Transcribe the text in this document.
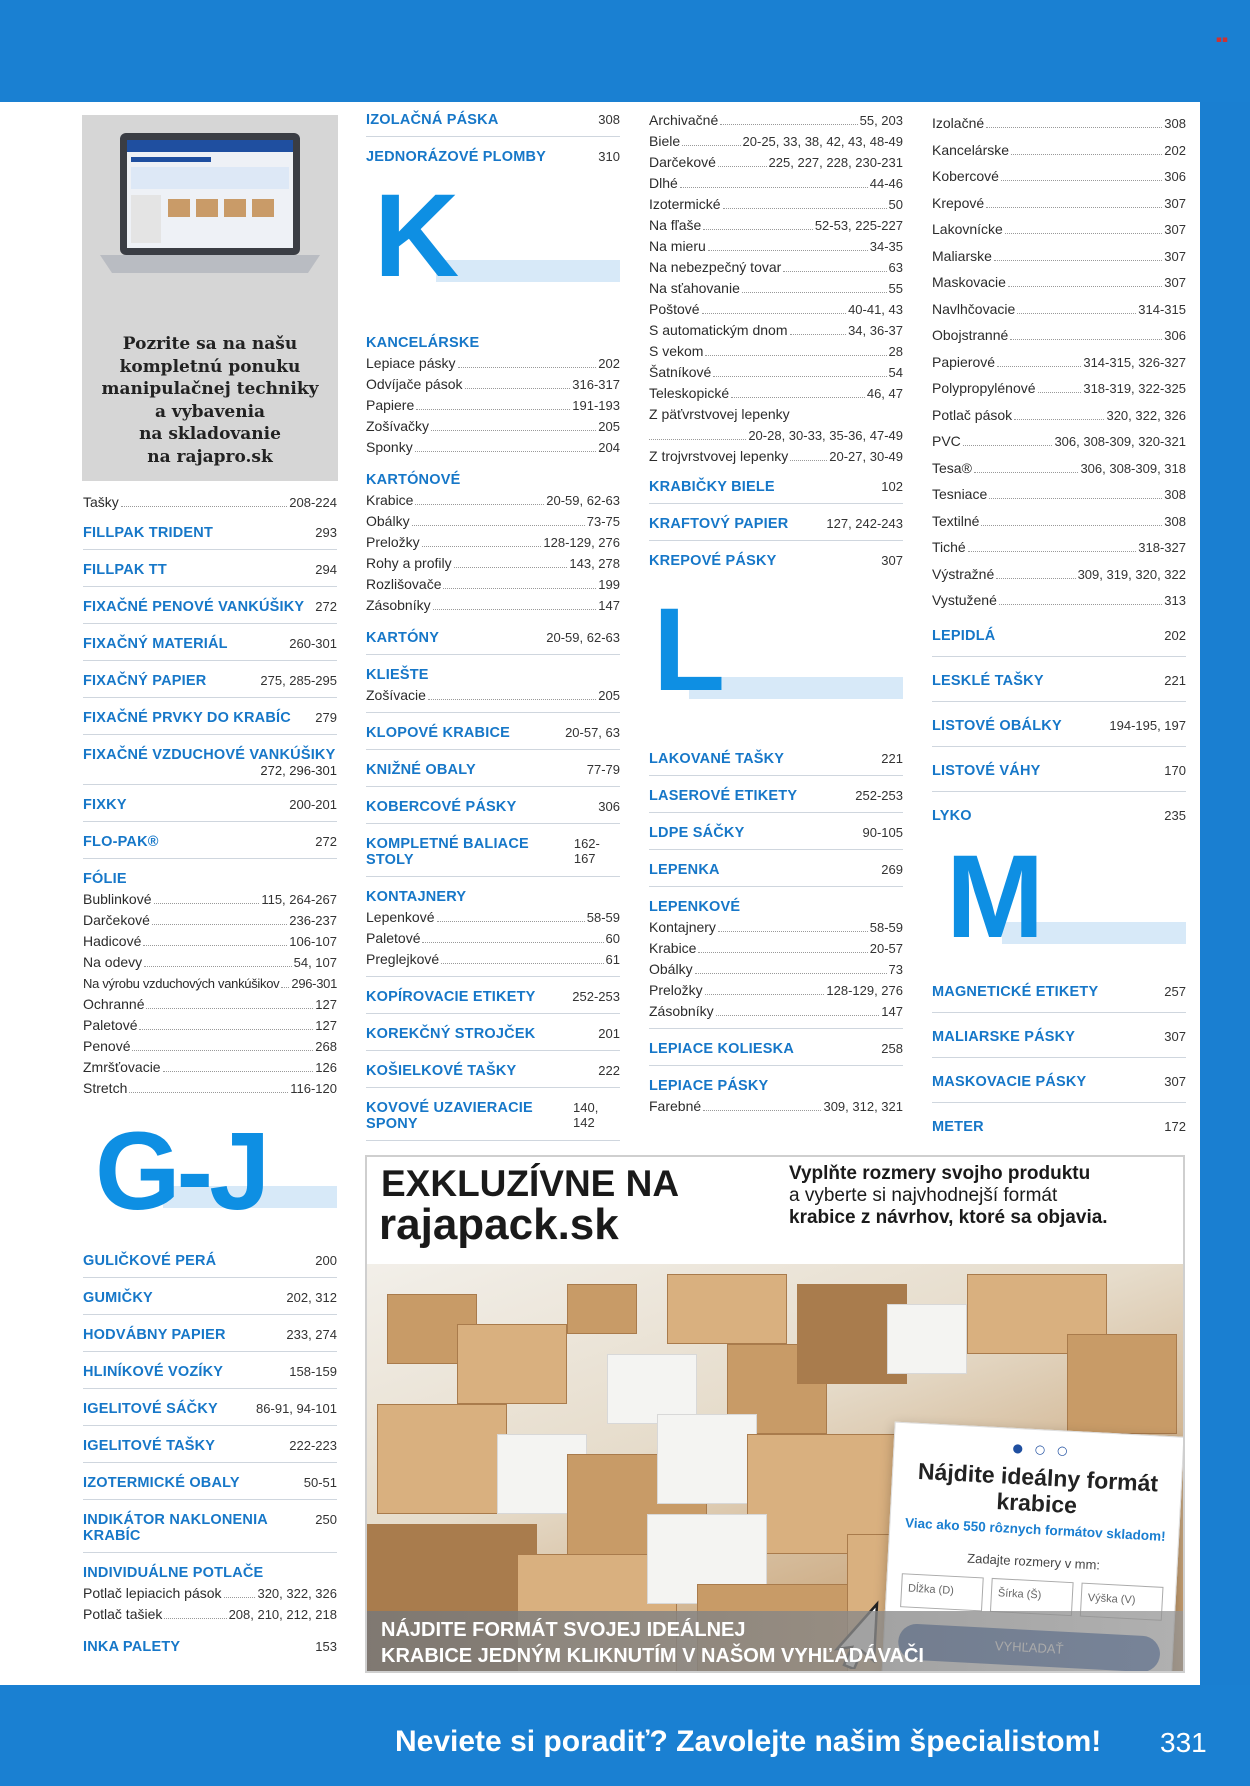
▪▪
Pozrite sa na našu
kompletnú ponuku
manipulačnej techniky
a vybavenia
na skladovanie
na rajapro.sk
Tašky	208-224
FILLPAK TRIDENT	293
FILLPAK TT	294
FIXAČNÉ PENOVÉ VANKÚŠIKY 272
FIXAČNÝ MATERIÁL	260-301
FIXAČNÝ PAPIER	275, 285-295
FIXAČNÉ PRVKY DO KRABÍC 279
FIXAČNÉ VZDUCHOVÉ VANKÚŠIKY
272, 296-301
FIXKY	200-201
FLO-PAK®	272
FÓLIE
Bublinkové	115, 264-267
Darčekové	236-237
Hadicové	106-107
Na odevy	54, 107
Na výrobu vzduchových vankúšikov 296-301
Ochranné	127
Paletové	127
Penové	268
Zmršťovacie	126
Stretch	116-120
G-J
GULIČKOVÉ PERÁ	200
GUMIČKY	202, 312
HODVÁBNY PAPIER	233, 274
HLINÍKOVÉ VOZÍKY	158-159
IGELITOVÉ SÁČKY	86-91, 94-101
IGELITOVÉ TAŠKY	222-223
IZOTERMICKÉ OBALY	50-51
INDIKÁTOR NAKLONENIA KRABÍC
250
INDIVIDUÁLNE POTLAČE
Potlač lepiacich pások	320, 322, 326
Potlač tašiek	208, 210, 212, 218
INKA PALETY	153
IZOLAČNÁ PÁSKA	308
JEDNORÁZOVÉ PLOMBY	310
K
KANCELÁRSKE
Lepiace pásky	202
Odvíjače pások	316-317
Papiere	191-193
Zošívačky	205
Sponky	204
KARTÓNOVÉ
Krabice	20-59, 62-63
Obálky	73-75
Preložky	128-129, 276
Rohy a profily	143, 278
Rozlišovače	199
Zásobníky	147
KARTÓNY	20-59, 62-63
KLIEŠTE
Zošívacie	205
KLOPOVÉ KRABICE	20-57, 63
KNIŽNÉ OBALY	77-79
KOBERCOVÉ PÁSKY	306
KOMPLETNÉ BALIACE STOLY
162-167
KONTAJNERY
Lepenkové	58-59
Paletové	60
Preglejkové	61
KOPÍROVACIE ETIKETY	252-253
KOREKČNÝ STROJČEK	201
KOŠIELKOVÉ TAŠKY	222
KOVOVÉ UZAVIERACIE SPONY
140, 142
Archivačné	55, 203
Biele	20-25, 33, 38, 42, 43, 48-49
Darčekové	225, 227, 228, 230-231
Dlhé	44-46
Izotermické	50
Na fľaše	52-53, 225-227
Na mieru	34-35
Na nebezpečný tovar	63
Na sťahovanie	55
Poštové	40-41, 43
S automatickým dnom	34, 36-37
S vekom	28
Šatníkové	54
Teleskopické	46, 47
Z päťvrstvovej lepenky
20-28, 30-33, 35-36, 47-49
Z trojvrstvovej lepenky	20-27, 30-49
KRABIČKY BIELE	102
KRAFTOVÝ PAPIER	127, 242-243
KREPOVÉ PÁSKY	307
L
LAKOVANÉ TAŠKY	221
LASEROVÉ ETIKETY	252-253
LDPE SÁČKY	90-105
LEPENKA	269
LEPENKOVÉ
Kontajnery	58-59
Krabice	20-57
Obálky	73
Preložky	128-129, 276
Zásobníky	147
LEPIACE KOLIESKA	258
LEPIACE PÁSKY
Farebné	309, 312, 321
Izolačné	308
Kancelárske	202
Kobercové	306
Krepové	307
Lakovnícke	307
Maliarske	307
Maskovacie	307
Navlhčovacie	314-315
Obojstranné	306
Papierové	314-315, 326-327
Polypropylénové	318-319, 322-325
Potlač pások	320, 322, 326
PVC	306, 308-309, 320-321
Tesa®	306, 308-309, 318
Tesniace	308
Textilné	308
Tiché	318-327
Výstražné	309, 319, 320, 322
Vystužené	313
LEPIDLÁ	202
LESKLÉ TAŠKY	221
LISTOVÉ OBÁLKY	194-195, 197
LISTOVÉ VÁHY	170
LYKO	235
M
MAGNETICKÉ ETIKETY	257
MALIARSKE PÁSKY	307
MASKOVACIE PÁSKY	307
METER	172
EXKLUZÍVNE NA
rajapack.sk
Vyplňte rozmery svojho produktu
a vyberte si najvhodnejší formát
krabice z návrhov, ktoré sa objavia.
● ○ ○
Nájdite ideálny formát krabice
Viac ako 550 rôznych formátov skladom!
Zadajte rozmery v mm:
Dĺžka (D)	Šírka (Š)	Výška (V)
NÁJDITE FORMÁT SVOJEJ IDEÁLNEJ
KRABICE JEDNÝM KLIKNUTÍM V NAŠOM VYHĽADÁVAČI
Neviete si poradiť? Zavolejte našim špecialistom! 331
